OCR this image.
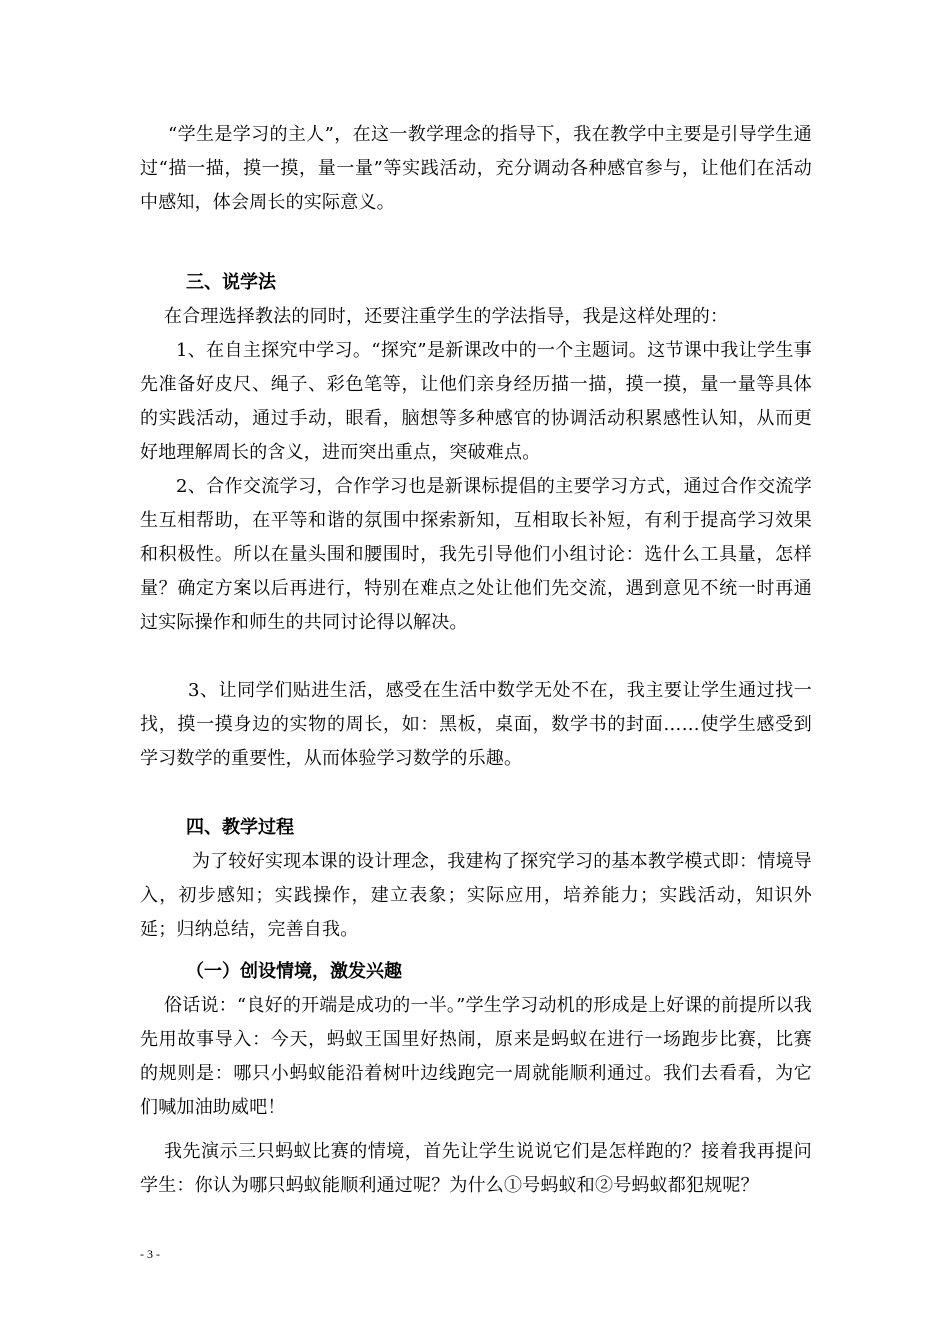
“学生是学习的主人”，在这一教学理念的指导下，我在教学中主要是引导学生通过“描一描，摸一摸，量一量”等实践活动，充分调动各种感官参与，让他们在活动中感知，体会周长的实际意义。
三、说学法
在合理选择教法的同时，还要注重学生的学法指导，我是这样处理的：
1、在自主探究中学习。“探究”是新课改中的一个主题词。这节课中我让学生事先准备好皮尺、绳子、彩色笔等，让他们亲身经历描一描，摸一摸，量一量等具体的实践活动，通过手动，眼看，脑想等多种感官的协调活动积累感性认知，从而更好地理解周长的含义，进而突出重点，突破难点。
2、合作交流学习，合作学习也是新课标提倡的主要学习方式，通过合作交流学生互相帮助，在平等和谐的氛围中探索新知，互相取长补短，有利于提高学习效果和积极性。所以在量头围和腰围时，我先引导他们小组讨论：选什么工具量，怎样量？确定方案以后再进行，特别在难点之处让他们先交流，遇到意见不统一时再通过实际操作和师生的共同讨论得以解决。
3、让同学们贴进生活，感受在生活中数学无处不在，我主要让学生通过找一找，摸一摸身边的实物的周长，如：黑板，桌面，数学书的封面……使学生感受到学习数学的重要性，从而体验学习数学的乐趣。
四、教学过程
为了较好实现本课的设计理念，我建构了探究学习的基本教学模式即：情境导入，初步感知；实践操作，建立表象；实际应用，培养能力；实践活动，知识外延；归纳总结，完善自我。
（一）创设情境，激发兴趣
俗话说：“良好的开端是成功的一半。”学生学习动机的形成是上好课的前提所以我先用故事导入：今天，蚂蚁王国里好热闹，原来是蚂蚁在进行一场跑步比赛，比赛的规则是：哪只小蚂蚁能沿着树叶边线跑完一周就能顺利通过。我们去看看，为它们喊加油助威吧！
我先演示三只蚂蚁比赛的情境，首先让学生说说它们是怎样跑的？接着我再提问学生：你认为哪只蚂蚁能顺利通过呢？为什么①号蚂蚁和②号蚂蚁都犯规呢？
- 3 -
